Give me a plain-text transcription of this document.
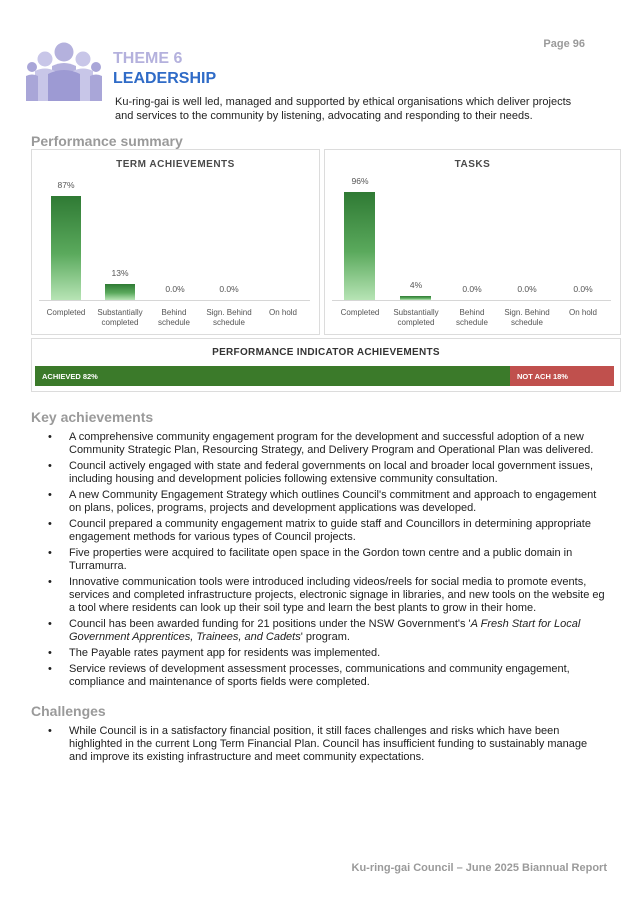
Page 96
THEME 6
LEADERSHIP
Ku-ring-gai is well led, managed and supported by ethical organisations which deliver projects and services to the community by listening, advocating and responding to their needs.
Performance summary
TERM ACHIEVEMENTS	TASKS
87%
Completed
13%
Substantially completed
0.0%
Behind schedule
0.0%
Sign. Behind schedule
On hold
96%
Completed
4%
Substantially completed
0.0%
Behind schedule
0.0%
Sign. Behind schedule
0.0%
On hold
PERFORMANCE INDICATOR ACHIEVEMENTS
ACHIEVED 82%	NOT ACH 18%
Key achievements
• A comprehensive community engagement program for the development and successful adoption of a new Community Strategic Plan, Resourcing Strategy, and Delivery Program and Operational Plan was delivered.
• Council actively engaged with state and federal governments on local and broader local government issues, including housing and development policies following extensive community consultation.
• A new Community Engagement Strategy which outlines Council's commitment and approach to engagement on plans, polices, programs, projects and development applications was developed.
• Council prepared a community engagement matrix to guide staff and Councillors in determining appropriate engagement methods for various types of Council projects.
• Five properties were acquired to facilitate open space in the Gordon town centre and a public domain in Turramurra.
• Innovative communication tools were introduced including videos/reels for social media to promote events, services and completed infrastructure projects, electronic signage in libraries, and new tools on the website eg a tool where residents can look up their soil type and learn the best plants to grow in their home.
• Council has been awarded funding for 21 positions under the NSW Government's 'A Fresh Start for Local Government Apprentices, Trainees, and Cadets' program.
• The Payable rates payment app for residents was implemented.
• Service reviews of development assessment processes, communications and community engagement, compliance and maintenance of sports fields were completed.
Challenges
• While Council is in a satisfactory financial position, it still faces challenges and risks which have been highlighted in the current Long Term Financial Plan. Council has insufficient funding to sustainably manage and improve its existing infrastructure and meet community expectations.
Ku-ring-gai Council – June 2025 Biannual Report
